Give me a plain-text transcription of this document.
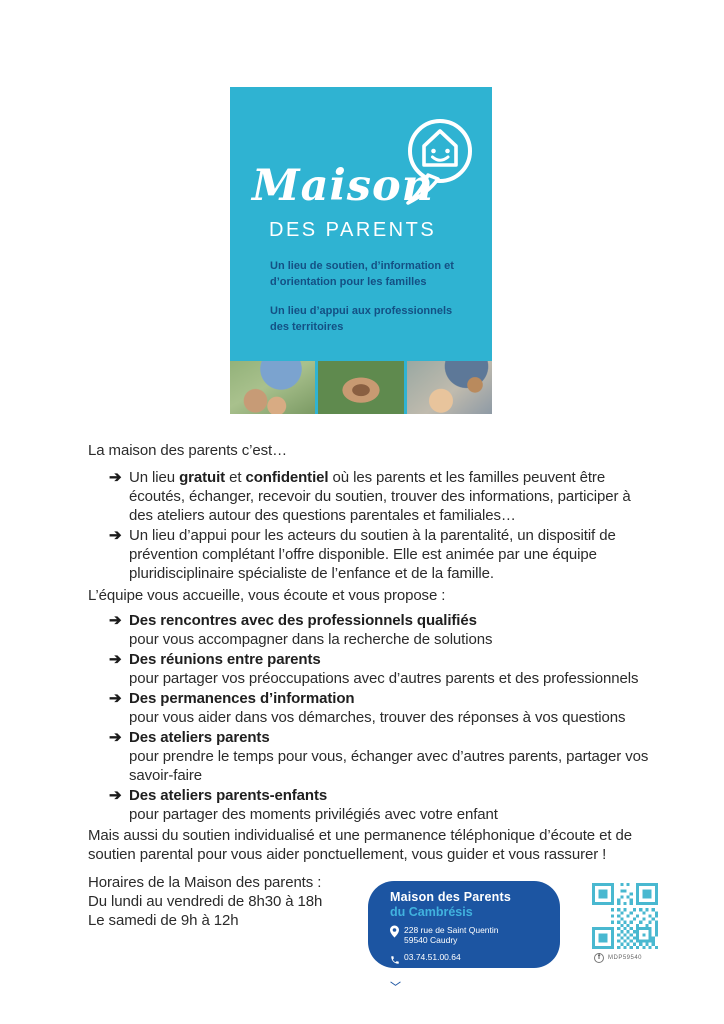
Maison
DES PARENTS
Un lieu de soutien, d’information et d’orientation pour les familles
Un lieu d’appui aux professionnels des territoires

La maison des parents c’est…

➔ Un lieu gratuit et confidentiel où les parents et les familles peuvent être écoutés, échanger, recevoir du soutien, trouver des informations, participer à des ateliers autour des questions parentales et familiales…
➔ Un lieu d’appui pour les acteurs du soutien à la parentalité, un dispositif de prévention complétant l’offre disponible. Elle est animée par une équipe pluridisciplinaire spécialiste de l’enfance et de la famille.

L’équipe vous accueille, vous écoute et vous propose :

➔ Des rencontres avec des professionnels qualifiés
pour vous accompagner dans la recherche de solutions
➔ Des réunions entre parents
pour partager vos préoccupations avec d’autres parents et des professionnels
➔ Des permanences d’information
pour vous aider dans vos démarches, trouver des réponses à vos questions
➔ Des ateliers parents
pour prendre le temps pour vous, échanger avec d’autres parents, partager vos savoir-faire
➔ Des ateliers parents-enfants
pour partager des moments privilégiés avec votre enfant

Mais aussi du soutien individualisé et une permanence téléphonique d’écoute et de soutien parental pour vous aider ponctuellement, vous guider et vous rassurer !

Horaires de la Maison des parents :
Du lundi au vendredi de 8h30 à 18h
Le samedi de 9h à 12h
Maison des Parents
du Cambrésis
228 rue de Saint Quentin
59540 Caudry
03.74.51.00.64
maisondesparents.caudry@epdsae.fr
f	MDP59540
